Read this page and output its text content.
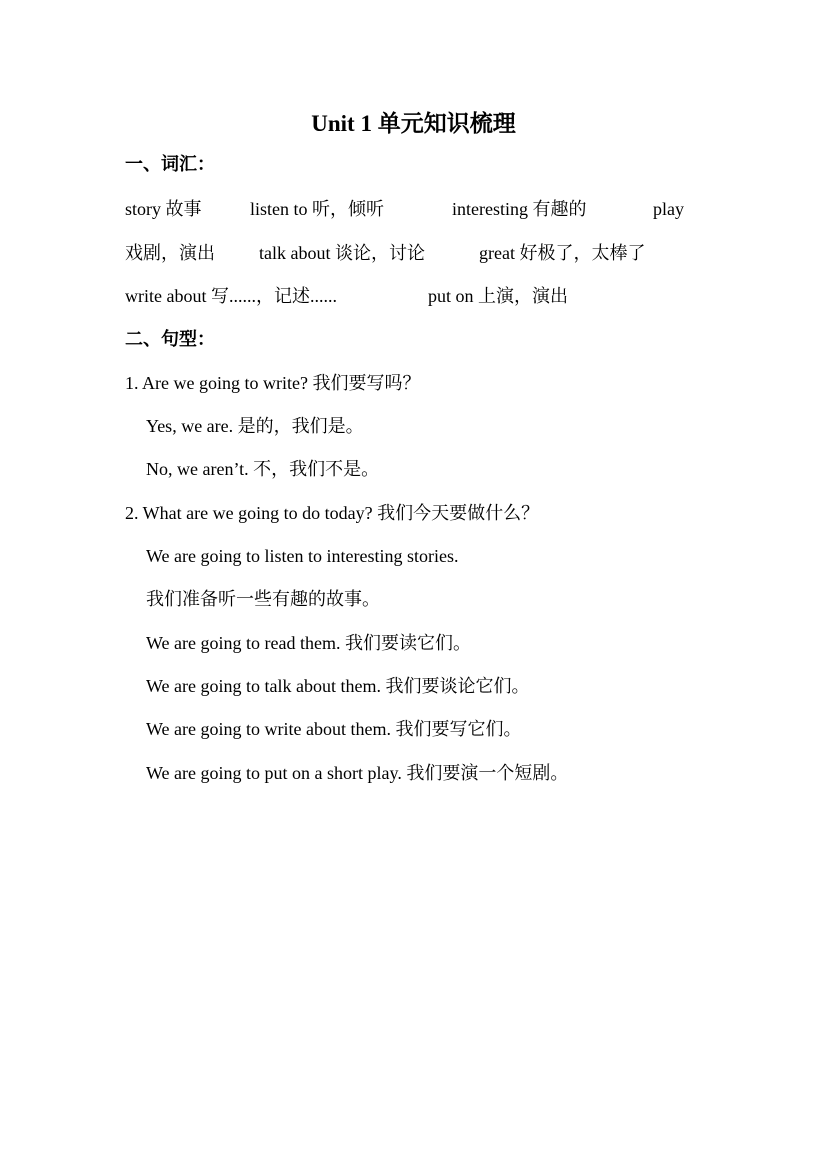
Unit 1 单元知识梳理
一、词汇：
story 故事	listen to 听，倾听	interesting 有趣的	play
戏剧，演出 talk about 谈论，讨论	great 好极了，太棒了
write about 写......，记述......	put on 上演，演出
二、句型：
1. Are we going to write? 我们要写吗？
Yes, we are. 是的，我们是。
No, we aren’t. 不，我们不是。
2. What are we going to do today? 我们今天要做什么？
We are going to listen to interesting stories.
我们准备听一些有趣的故事。
We are going to read them. 我们要读它们。
We are going to talk about them. 我们要谈论它们。
We are going to write about them. 我们要写它们。
We are going to put on a short play. 我们要演一个短剧。
